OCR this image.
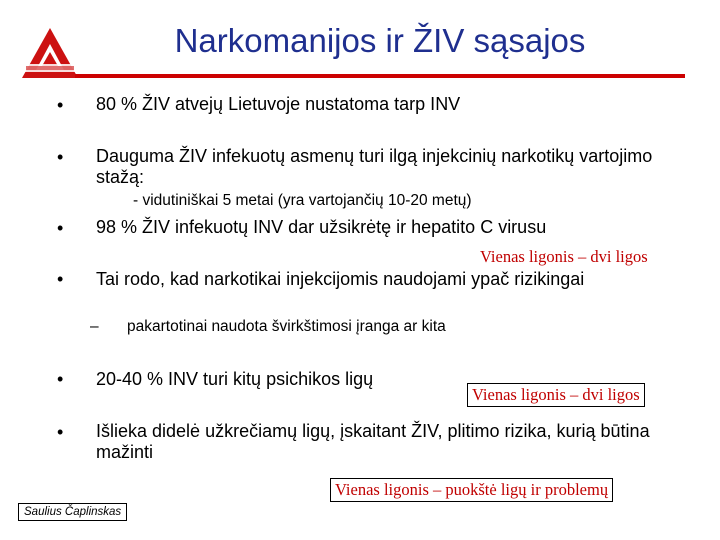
Narkomanijos ir ŽIV sąsajos
• 80 % ŽIV atvejų Lietuvoje nustatoma tarp INV
• Dauguma ŽIV infekuotų asmenų turi ilgą injekcinių narkotikų vartojimo stažą:
- vidutiniškai 5 metai (yra vartojančių 10-20 metų)
• 98 % ŽIV infekuotų INV dar užsikrėtę ir hepatito C virusu
Vienas ligonis – dvi ligos
• Tai rodo, kad narkotikai injekcijomis naudojami ypač rizikingai
– pakartotinai naudota švirkštimosi įranga ar kita
• 20-40 % INV turi kitų psichikos ligų
Vienas ligonis – dvi ligos
• Išlieka didelė užkrečiamų ligų, įskaitant ŽIV, plitimo rizika, kurią būtina mažinti
Vienas ligonis – puokštė ligų ir problemų
Saulius Čaplinskas
